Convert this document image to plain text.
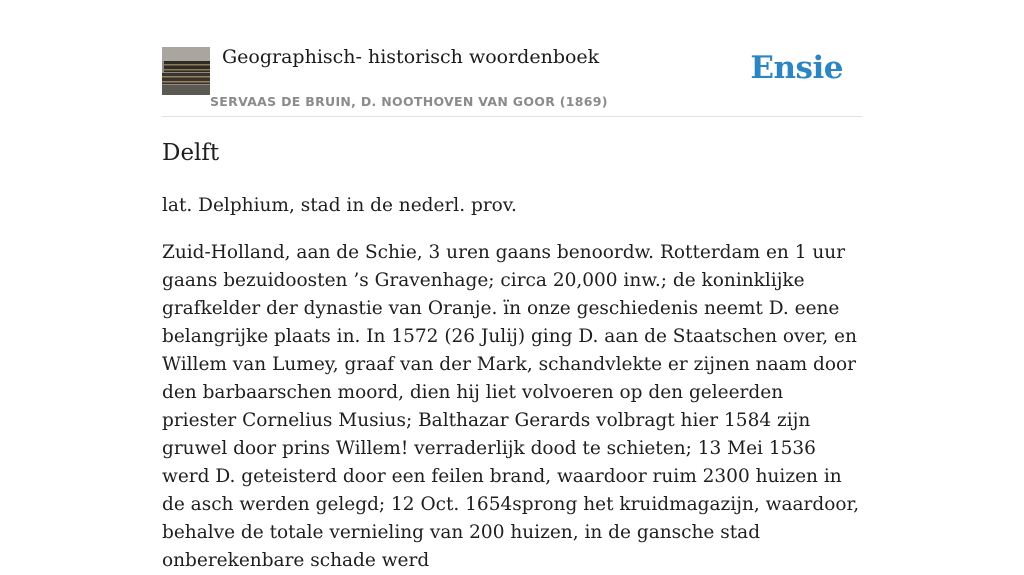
Geographisch- historisch woordenboek
SERVAAS DE BRUIN, D. NOOTHOVEN VAN GOOR (1869)
Ensie
Delft

lat. Delphium, stad in de nederl. prov.

Zuid-Holland, aan de Schie, 3 uren gaans benoordw. Rotterdam en 1 uur gaans bezuidoosten ’s Gravenhage; circa 20,000 inw.; de koninklijke grafkelder der dynastie van Oranje. ïn onze geschiedenis neemt D. eene belangrijke plaats in. In 1572 (26 Julij) ging D. aan de Staatschen over, en Willem van Lumey, graaf van der Mark, schandvlekte er zijnen naam door den barbaarschen moord, dien hij liet volvoeren op den geleerden priester Cornelius Musius; Balthazar Gerards volbragt hier 1584 zijn gruwel door prins Willem! verraderlijk dood te schieten; 13 Mei 1536 werd D. geteisterd door een feilen brand, waardoor ruim 2300 huizen in de asch werden gelegd; 12 Oct. 1654sprong het kruidmagazijn, waardoor, behalve de totale vernieling van 200 huizen, in de gansche stad onberekenbare schade werd
